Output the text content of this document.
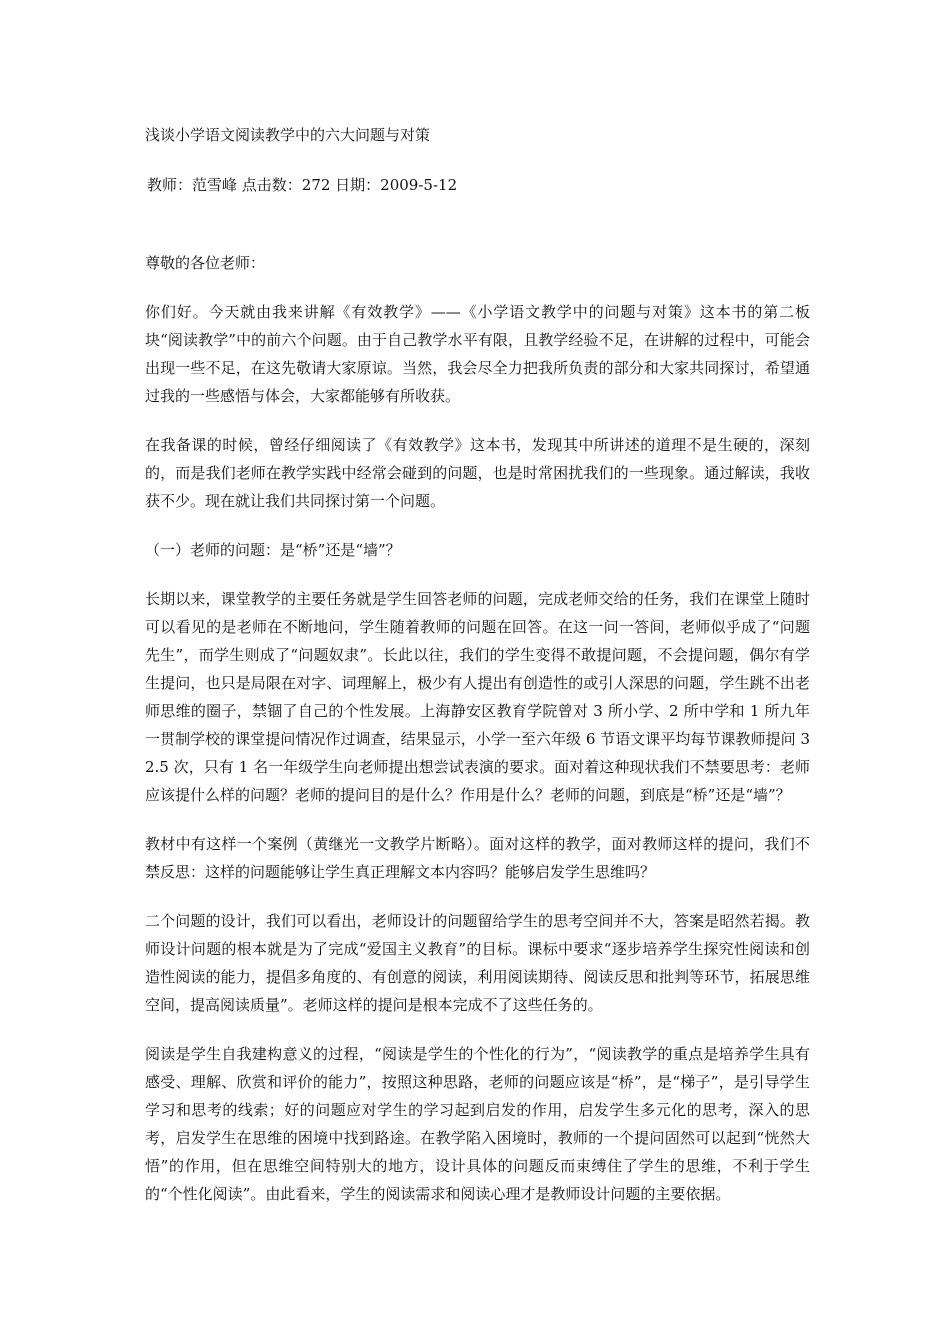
浅谈小学语文阅读教学中的六大问题与对策
教师：范雪峰 点击数：272 日期：2009-5-12
尊敬的各位老师：

你们好。今天就由我来讲解《有效教学》——《小学语文教学中的问题与对策》这本书的第二板块“阅读教学”中的前六个问题。由于自己教学水平有限，且教学经验不足，在讲解的过程中，可能会出现一些不足，在这先敬请大家原谅。当然，我会尽全力把我所负责的部分和大家共同探讨，希望通过我的一些感悟与体会，大家都能够有所收获。

在我备课的时候，曾经仔细阅读了《有效教学》这本书，发现其中所讲述的道理不是生硬的，深刻的，而是我们老师在教学实践中经常会碰到的问题，也是时常困扰我们的一些现象。通过解读，我收获不少。现在就让我们共同探讨第一个问题。

（一）老师的问题：是“桥”还是“墙”？

长期以来，课堂教学的主要任务就是学生回答老师的问题，完成老师交给的任务，我们在课堂上随时可以看见的是老师在不断地问，学生随着教师的问题在回答。在这一问一答间，老师似乎成了“问题先生”，而学生则成了“问题奴隶”。长此以往，我们的学生变得不敢提问题，不会提问题，偶尔有学生提问，也只是局限在对字、词理解上，极少有人提出有创造性的或引人深思的问题，学生跳不出老师思维的圈子，禁锢了自己的个性发展。上海静安区教育学院曾对 3 所小学、2 所中学和 1 所九年一贯制学校的课堂提问情况作过调查，结果显示，小学一至六年级 6 节语文课平均每节课教师提问 32.5 次，只有 1 名一年级学生向老师提出想尝试表演的要求。面对着这种现状我们不禁要思考：老师应该提什么样的问题？老师的提问目的是什么？作用是什么？老师的问题，到底是“桥”还是“墙”？

教材中有这样一个案例（黄继光一文教学片断略）。面对这样的教学，面对教师这样的提问，我们不禁反思：这样的问题能够让学生真正理解文本内容吗？能够启发学生思维吗？

二个问题的设计，我们可以看出，老师设计的问题留给学生的思考空间并不大，答案是昭然若揭。教师设计问题的根本就是为了完成“爱国主义教育”的目标。课标中要求“逐步培养学生探究性阅读和创造性阅读的能力，提倡多角度的、有创意的阅读，利用阅读期待、阅读反思和批判等环节，拓展思维空间，提高阅读质量”。老师这样的提问是根本完成不了这些任务的。

阅读是学生自我建构意义的过程，“阅读是学生的个性化的行为”，“阅读教学的重点是培养学生具有感受、理解、欣赏和评价的能力”，按照这种思路，老师的问题应该是“桥”，是“梯子”，是引导学生学习和思考的线索；好的问题应对学生的学习起到启发的作用，启发学生多元化的思考，深入的思考，启发学生在思维的困境中找到路途。在教学陷入困境时，教师的一个提问固然可以起到“恍然大悟”的作用，但在思维空间特别大的地方，设计具体的问题反而束缚住了学生的思维，不利于学生的“个性化阅读”。由此看来，学生的阅读需求和阅读心理才是教师设计问题的主要依据。
